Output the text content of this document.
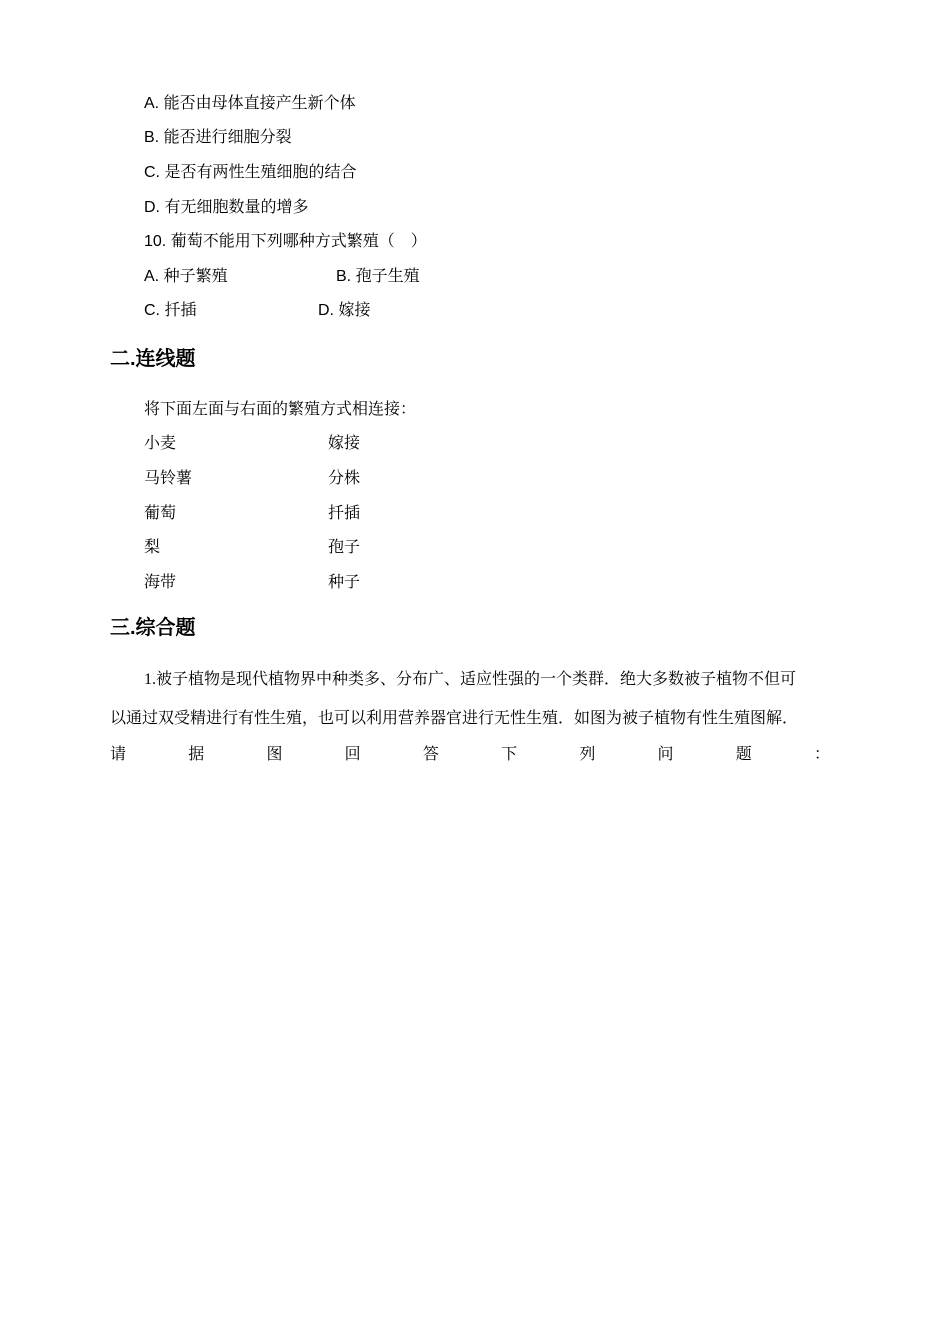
A. 能否由母体直接产生新个体
B. 能否进行细胞分裂
C. 是否有两性生殖细胞的结合
D. 有无细胞数量的增多
10. 葡萄不能用下列哪种方式繁殖（　）
A. 种子繁殖	B. 孢子生殖
C. 扦插	D. 嫁接
二.连线题
将下面左面与右面的繁殖方式相连接：
小麦	嫁接
马铃薯	分株
葡萄	扦插
梨	孢子
海带	种子
三.综合题
1.被子植物是现代植物界中种类多、分布广、适应性强的一个类群．绝大多数被子植物不但可
以通过双受精进行有性生殖，也可以利用营养器官进行无性生殖．如图为被子植物有性生殖图解．
请	据	图	回	答	下	列	问	题	：
